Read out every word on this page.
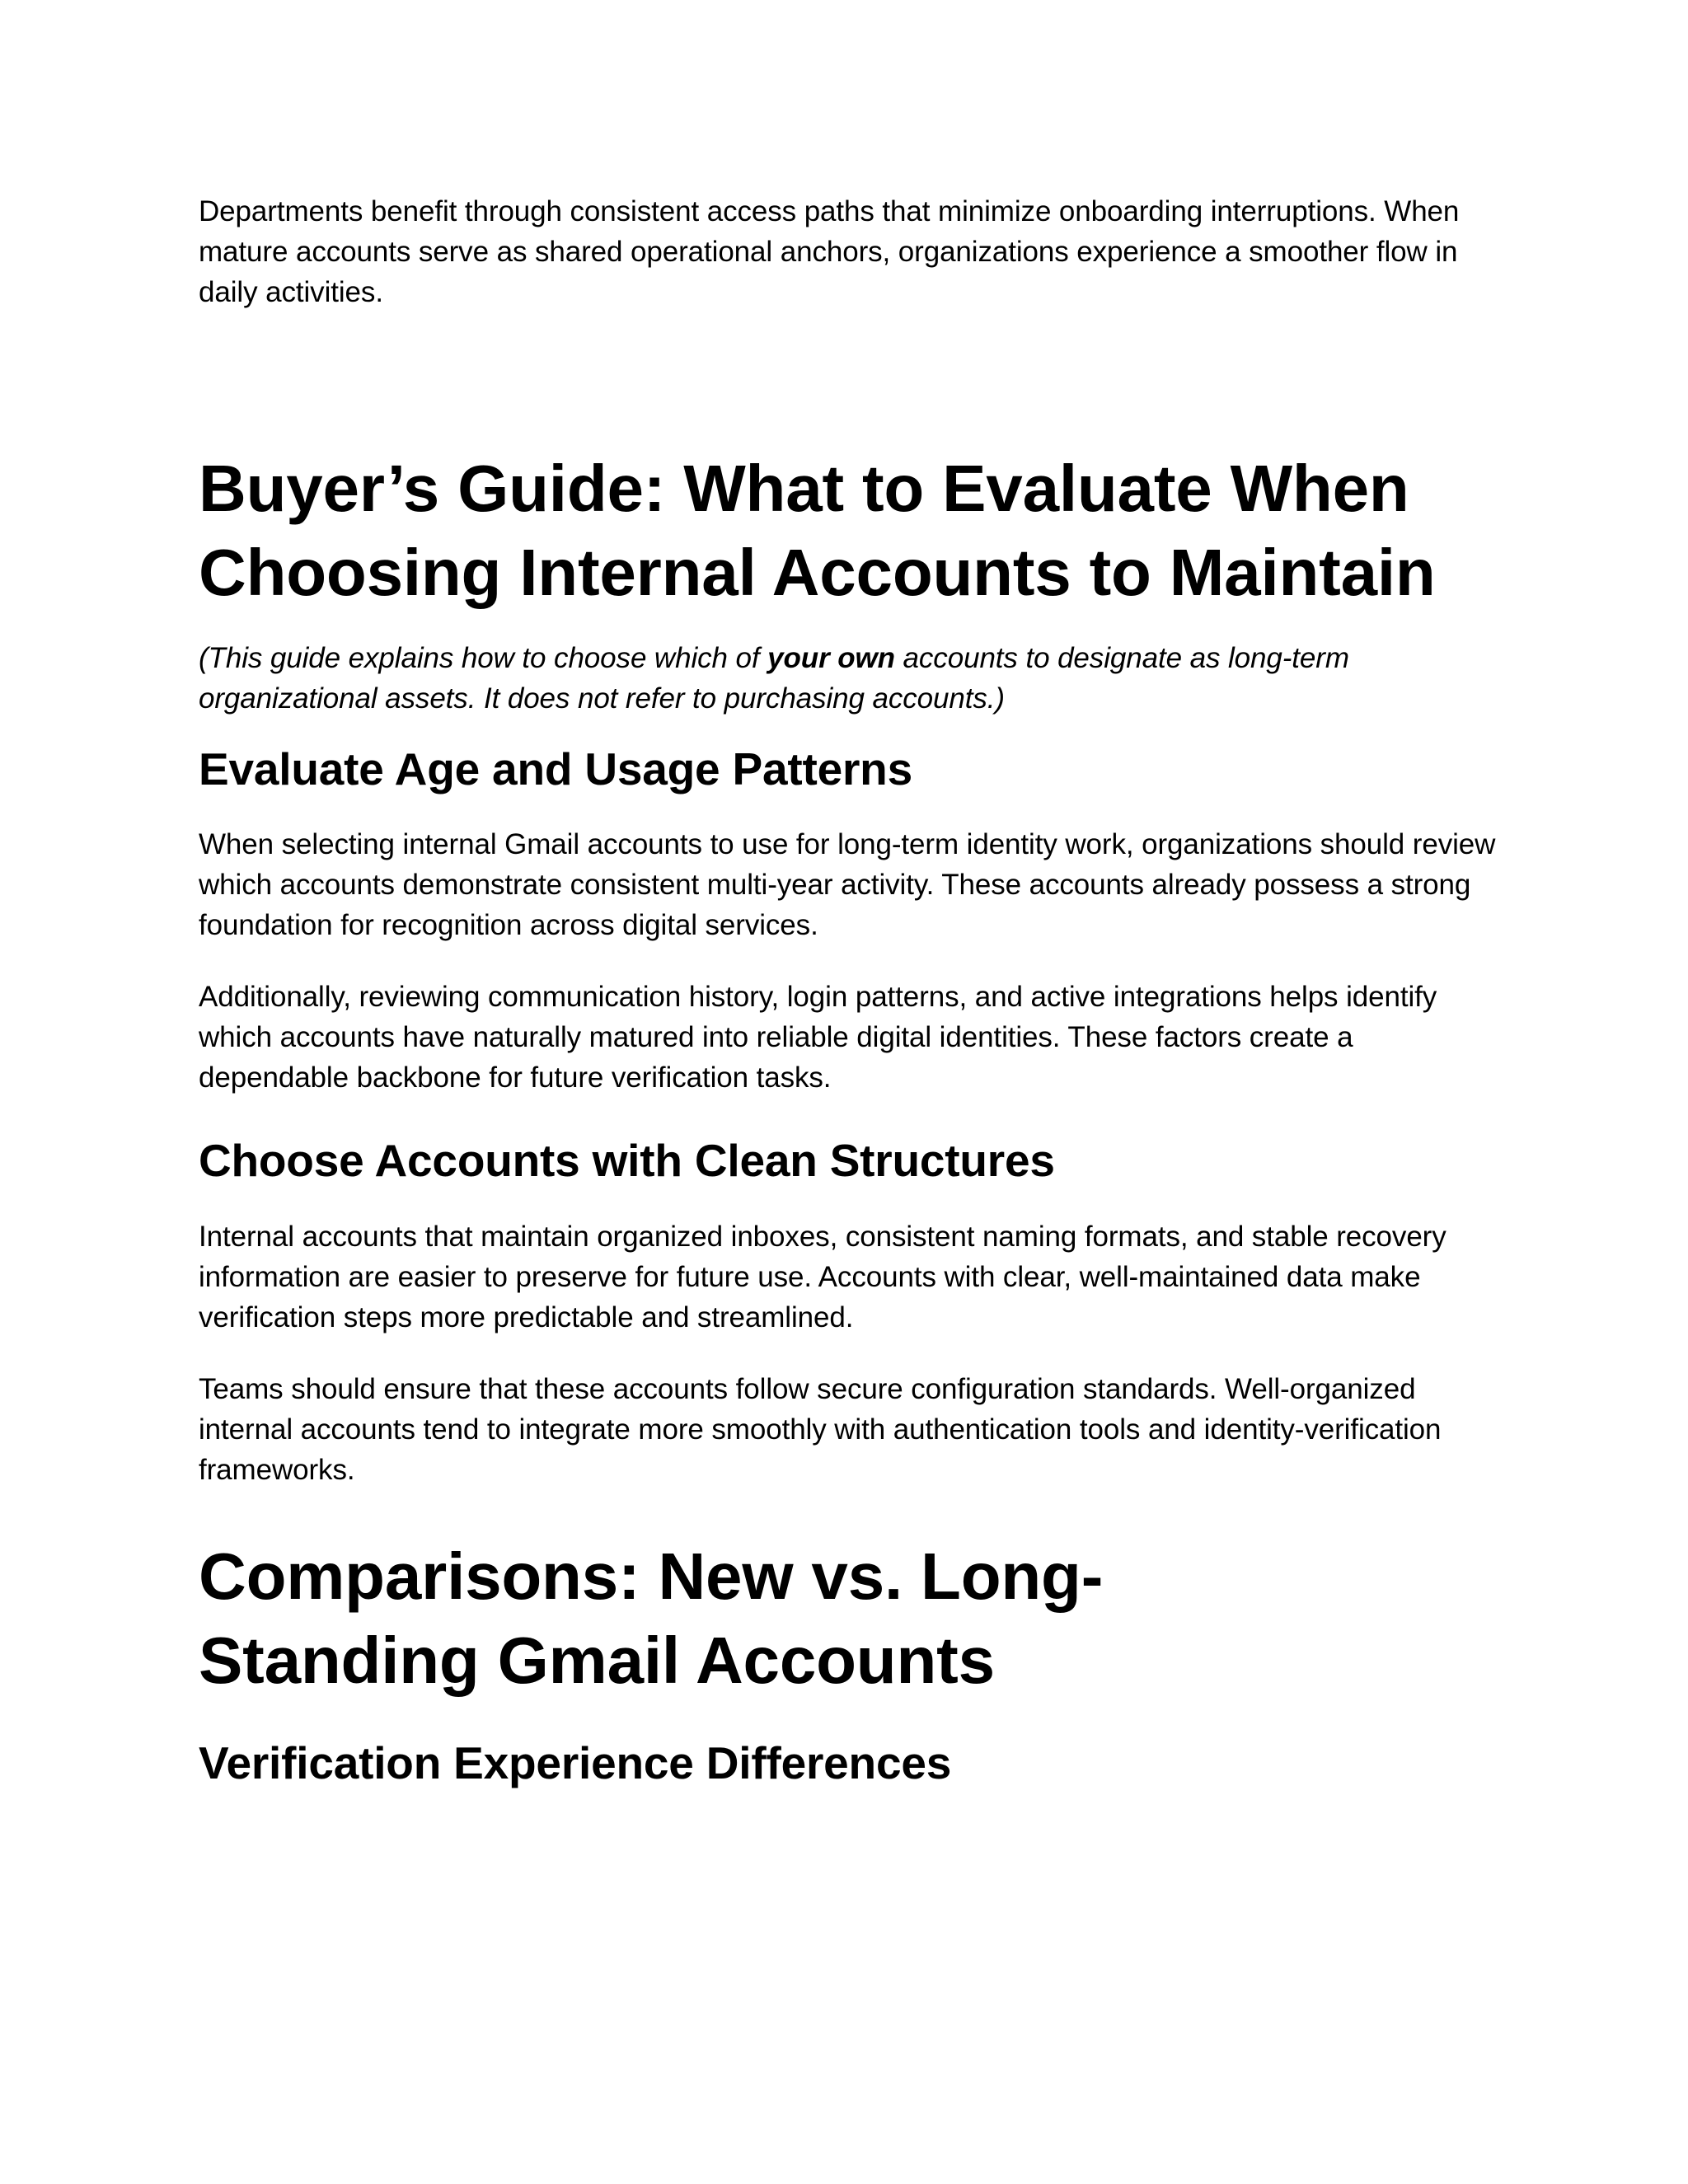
Departments benefit through consistent access paths that minimize onboarding interruptions. When mature accounts serve as shared operational anchors, organizations experience a smoother flow in daily activities.

Buyer’s Guide: What to Evaluate When Choosing Internal Accounts to Maintain

(This guide explains how to choose which of your own accounts to designate as long-term organizational assets. It does not refer to purchasing accounts.)

Evaluate Age and Usage Patterns

When selecting internal Gmail accounts to use for long-term identity work, organizations should review which accounts demonstrate consistent multi-year activity. These accounts already possess a strong foundation for recognition across digital services.

Additionally, reviewing communication history, login patterns, and active integrations helps identify which accounts have naturally matured into reliable digital identities. These factors create a dependable backbone for future verification tasks.

Choose Accounts with Clean Structures

Internal accounts that maintain organized inboxes, consistent naming formats, and stable recovery information are easier to preserve for future use. Accounts with clear, well-maintained data make verification steps more predictable and streamlined.

Teams should ensure that these accounts follow secure configuration standards. Well-organized internal accounts tend to integrate more smoothly with authentication tools and identity-verification frameworks.

Comparisons: New vs. Long-Standing Gmail Accounts
Verification Experience Differences
